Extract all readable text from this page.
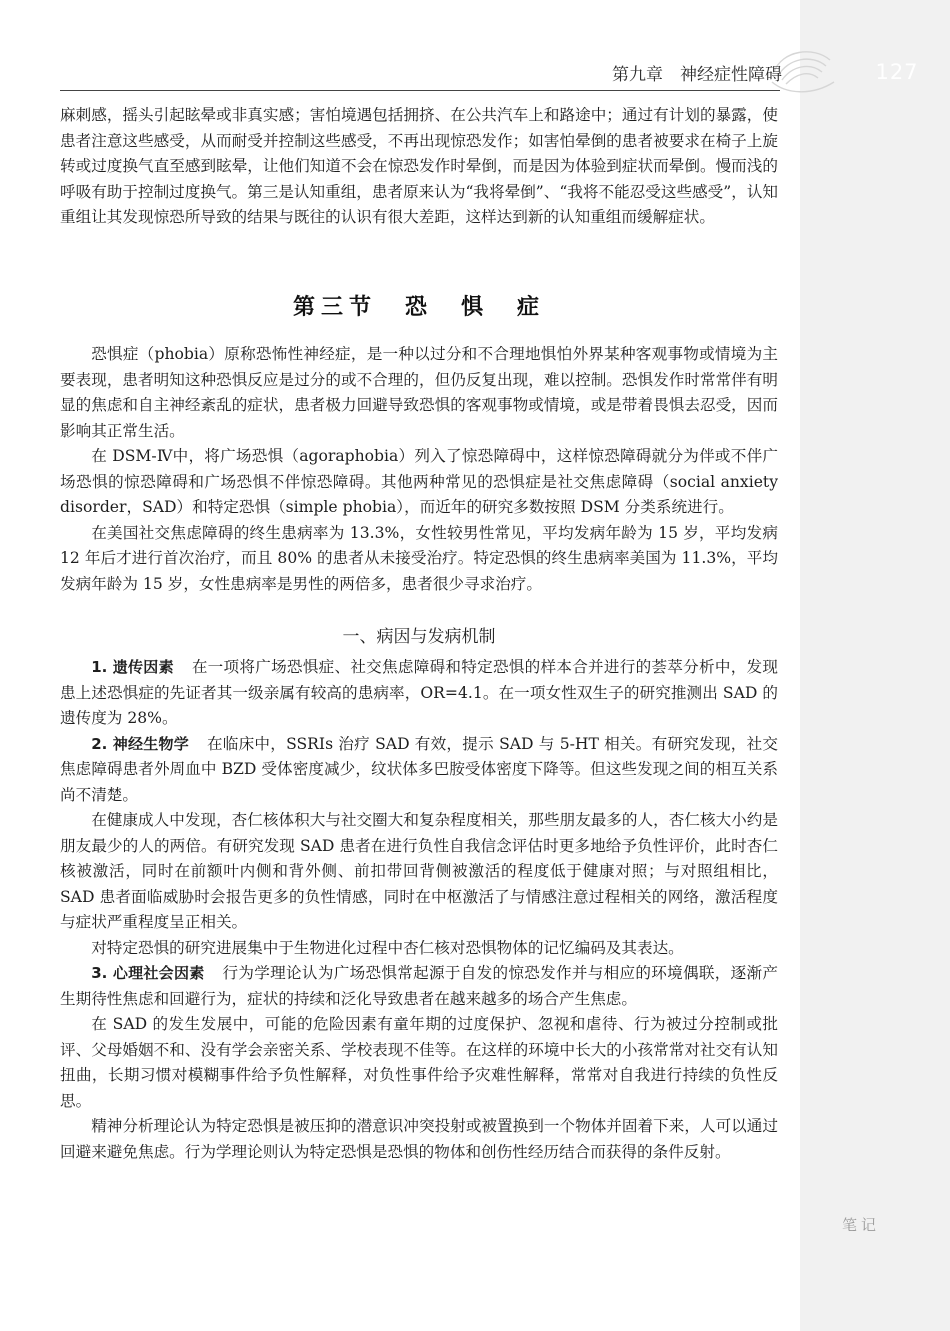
127
第九章　神经症性障碍

麻刺感，摇头引起眩晕或非真实感；害怕境遇包括拥挤、在公共汽车上和路途中；通过有计划的暴露，使患者注意这些感受，从而耐受并控制这些感受，不再出现惊恐发作；如害怕晕倒的患者被要求在椅子上旋转或过度换气直至感到眩晕，让他们知道不会在惊恐发作时晕倒，而是因为体验到症状而晕倒。慢而浅的呼吸有助于控制过度换气。第三是认知重组，患者原来认为“我将晕倒”、“我将不能忍受这些感受”，认知重组让其发现惊恐所导致的结果与既往的认识有很大差距，这样达到新的认知重组而缓解症状。

第三节　恐　惧　症

恐惧症（phobia）原称恐怖性神经症，是一种以过分和不合理地惧怕外界某种客观事物或情境为主要表现，患者明知这种恐惧反应是过分的或不合理的，但仍反复出现，难以控制。恐惧发作时常常伴有明显的焦虑和自主神经紊乱的症状，患者极力回避导致恐惧的客观事物或情境，或是带着畏惧去忍受，因而影响其正常生活。

在 DSM-Ⅳ中，将广场恐惧（agoraphobia）列入了惊恐障碍中，这样惊恐障碍就分为伴或不伴广场恐惧的惊恐障碍和广场恐惧不伴惊恐障碍。其他两种常见的恐惧症是社交焦虑障碍（social anxiety disorder，SAD）和特定恐惧（simple phobia），而近年的研究多数按照 DSM 分类系统进行。

在美国社交焦虑障碍的终生患病率为 13.3%，女性较男性常见，平均发病年龄为 15 岁，平均发病 12 年后才进行首次治疗，而且 80% 的患者从未接受治疗。特定恐惧的终生患病率美国为 11.3%，平均发病年龄为 15 岁，女性患病率是男性的两倍多，患者很少寻求治疗。

一、病因与发病机制

1. 遗传因素 在一项将广场恐惧症、社交焦虑障碍和特定恐惧的样本合并进行的荟萃分析中，发现患上述恐惧症的先证者其一级亲属有较高的患病率，OR=4.1。在一项女性双生子的研究推测出 SAD 的遗传度为 28%。

2. 神经生物学 在临床中，SSRIs 治疗 SAD 有效，提示 SAD 与 5-HT 相关。有研究发现，社交焦虑障碍患者外周血中 BZD 受体密度减少，纹状体多巴胺受体密度下降等。但这些发现之间的相互关系尚不清楚。

在健康成人中发现，杏仁核体积大与社交圈大和复杂程度相关，那些朋友最多的人，杏仁核大小约是朋友最少的人的两倍。有研究发现 SAD 患者在进行负性自我信念评估时更多地给予负性评价，此时杏仁核被激活，同时在前额叶内侧和背外侧、前扣带回背侧被激活的程度低于健康对照；与对照组相比，SAD 患者面临威胁时会报告更多的负性情感，同时在中枢激活了与情感注意过程相关的网络，激活程度与症状严重程度呈正相关。

对特定恐惧的研究进展集中于生物进化过程中杏仁核对恐惧物体的记忆编码及其表达。

3. 心理社会因素 行为学理论认为广场恐惧常起源于自发的惊恐发作并与相应的环境偶联，逐渐产生期待性焦虑和回避行为，症状的持续和泛化导致患者在越来越多的场合产生焦虑。

在 SAD 的发生发展中，可能的危险因素有童年期的过度保护、忽视和虐待、行为被过分控制或批评、父母婚姻不和、没有学会亲密关系、学校表现不佳等。在这样的环境中长大的小孩常常对社交有认知扭曲，长期习惯对模糊事件给予负性解释，对负性事件给予灾难性解释，常常对自我进行持续的负性反思。

精神分析理论认为特定恐惧是被压抑的潜意识冲突投射或被置换到一个物体并固着下来，人可以通过回避来避免焦虑。行为学理论则认为特定恐惧是恐惧的物体和创伤性经历结合而获得的条件反射。

笔记
